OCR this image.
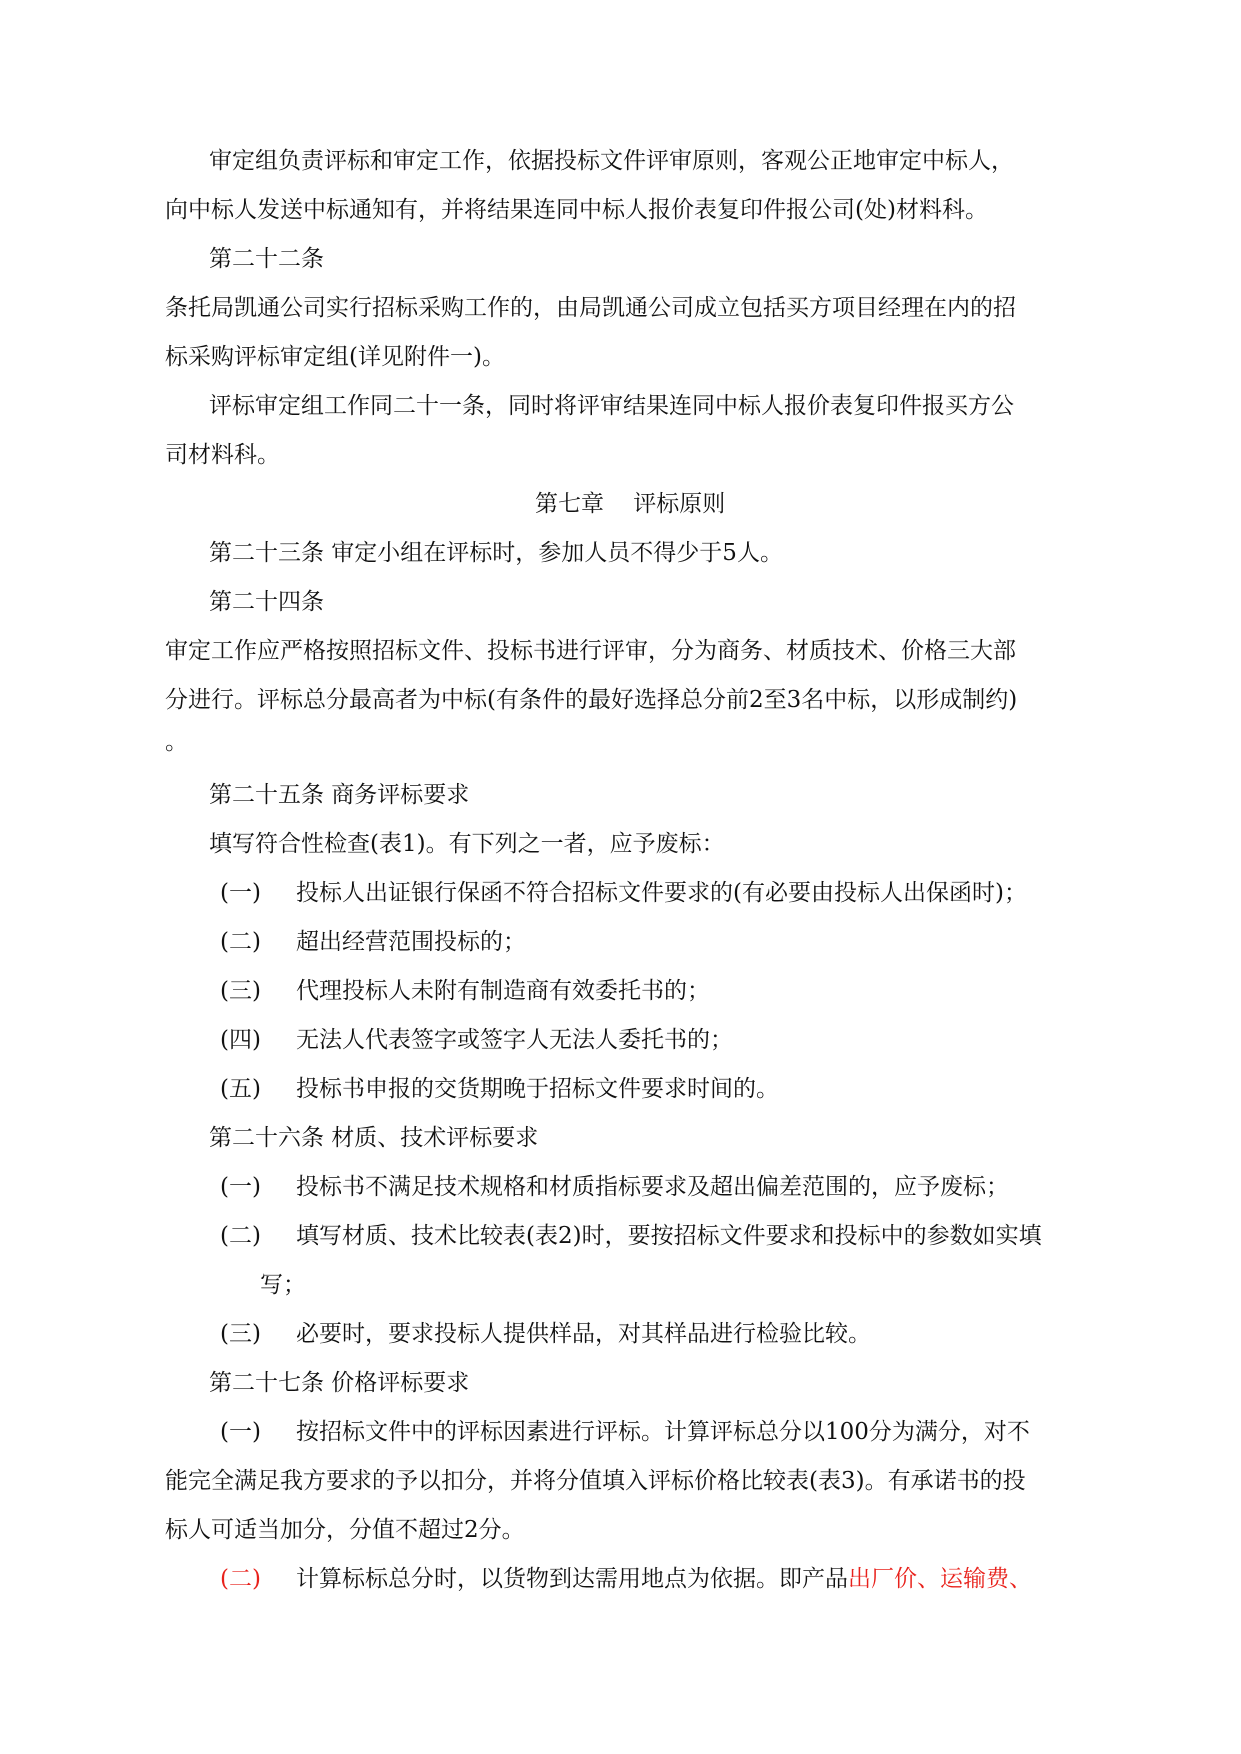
审定组负责评标和审定工作，依据投标文件评审原则，客观公正地审定中标人，
向中标人发送中标通知有，并将结果连同中标人报价表复印件报公司(处)材料科。
第二十二条
条托局凯通公司实行招标采购工作的，由局凯通公司成立包括买方项目经理在内的招
标采购评标审定组(详见附件一)。
评标审定组工作同二十一条，同时将评审结果连同中标人报价表复印件报买方公
司材料科。
第七章    评标原则
第二十三条 审定小组在评标时，参加人员不得少于5人。
第二十四条
审定工作应严格按照招标文件、投标书进行评审，分为商务、材质技术、价格三大部
分进行。评标总分最高者为中标(有条件的最好选择总分前2至3名中标，以形成制约)
。
第二十五条 商务评标要求
填写符合性检查(表1)。有下列之一者，应予废标：
(一) 投标人出证银行保函不符合招标文件要求的(有必要由投标人出保函时)；
(二) 超出经营范围投标的；
(三) 代理投标人未附有制造商有效委托书的；
(四) 无法人代表签字或签字人无法人委托书的；
(五) 投标书申报的交货期晚于招标文件要求时间的。
第二十六条 材质、技术评标要求
(一) 投标书不满足技术规格和材质指标要求及超出偏差范围的，应予废标；
(二) 填写材质、技术比较表(表2)时，要按招标文件要求和投标中的参数如实填
写；
(三) 必要时，要求投标人提供样品，对其样品进行检验比较。
第二十七条 价格评标要求
(一) 按招标文件中的评标因素进行评标。计算评标总分以100分为满分，对不
能完全满足我方要求的予以扣分，并将分值填入评标价格比较表(表3)。有承诺书的投
标人可适当加分，分值不超过2分。
(二) 计算标标总分时，以货物到达需用地点为依据。即产品出厂价、运输费、
